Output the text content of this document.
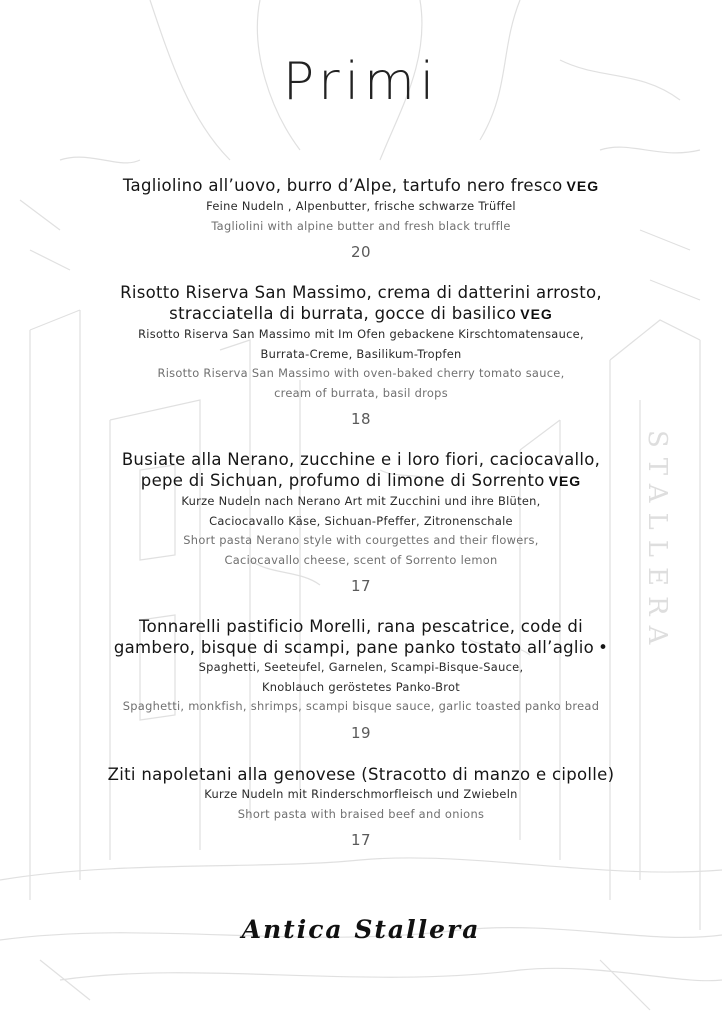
STALLERA
Primi
Tagliolino all’uovo, burro d’Alpe, tartufo nero fresco VEG
Feine Nudeln , Alpenbutter, frische schwarze Trüffel
Tagliolini with alpine butter and fresh black truffle
20
Risotto Riserva San Massimo, crema di datterini arrosto,
stracciatella di burrata, gocce di basilico VEG
Risotto Riserva San Massimo mit Im Ofen gebackene Kirschtomatensauce,
Burrata-Creme, Basilikum-Tropfen
Risotto Riserva San Massimo with oven-baked cherry tomato sauce,
cream of burrata, basil drops
18
Busiate alla Nerano, zucchine e i loro fiori, caciocavallo,
pepe di Sichuan, profumo di limone di Sorrento VEG
Kurze Nudeln nach Nerano Art mit Zucchini und ihre Blüten,
Caciocavallo Käse, Sichuan-Pfeffer, Zitronenschale
Short pasta Nerano style with courgettes and their flowers,
Caciocavallo cheese, scent of Sorrento lemon
17
Tonnarelli pastificio Morelli, rana pescatrice, code di
gambero, bisque di scampi, pane panko tostato all’aglio •
Spaghetti, Seeteufel, Garnelen, Scampi-Bisque-Sauce,
Knoblauch geröstetes Panko-Brot
Spaghetti, monkfish, shrimps, scampi bisque sauce, garlic toasted panko bread
19
Ziti napoletani alla genovese (Stracotto di manzo e cipolle)
Kurze Nudeln mit Rinderschmorfleisch und Zwiebeln
Short pasta with braised beef and onions
17
Antica Stallera
